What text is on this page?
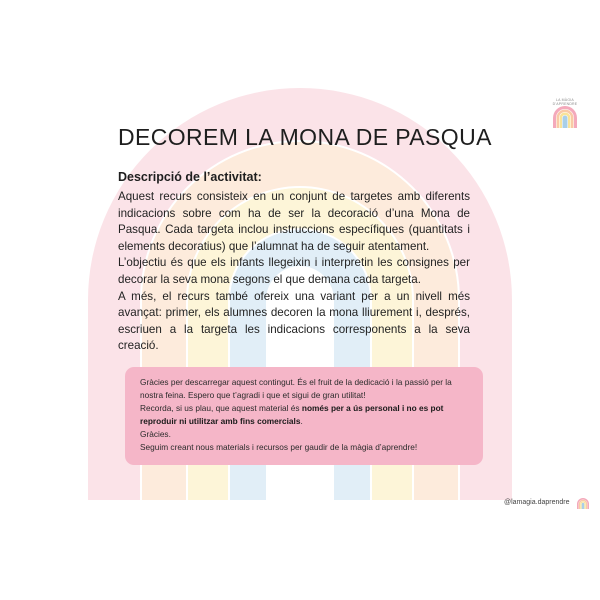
LA MÀGIA D'APRENDRE
DECOREM LA MONA DE PASQUA
Descripció de l’activitat:

Aquest recurs consisteix en un conjunt de targetes amb diferents indicacions sobre com ha de ser la decoració d’una Mona de Pasqua. Cada targeta inclou instruccions específiques (quantitats i elements decoratius) que l’alumnat ha de seguir atentament.

L’objectiu és que els infants llegeixin i interpretin les consignes per decorar la seva mona segons el que demana cada targeta.

A més, el recurs també ofereix una variant per a un nivell més avançat: primer, els alumnes decoren la mona lliurement i, després, escriuen a la targeta les indicacions corresponents a la seva creació.

Gràcies per descarregar aquest contingut. És el fruit de la dedicació i la passió per la nostra feina. Espero que t’agradi i que et sigui de gran utilitat!

Recorda, si us plau, que aquest material és només per a ús personal i no es pot reproduir ni utilitzar amb fins comercials.

Gràcies.

Seguim creant nous materials i recursos per gaudir de la màgia d’aprendre!

@lamagia.daprendre
